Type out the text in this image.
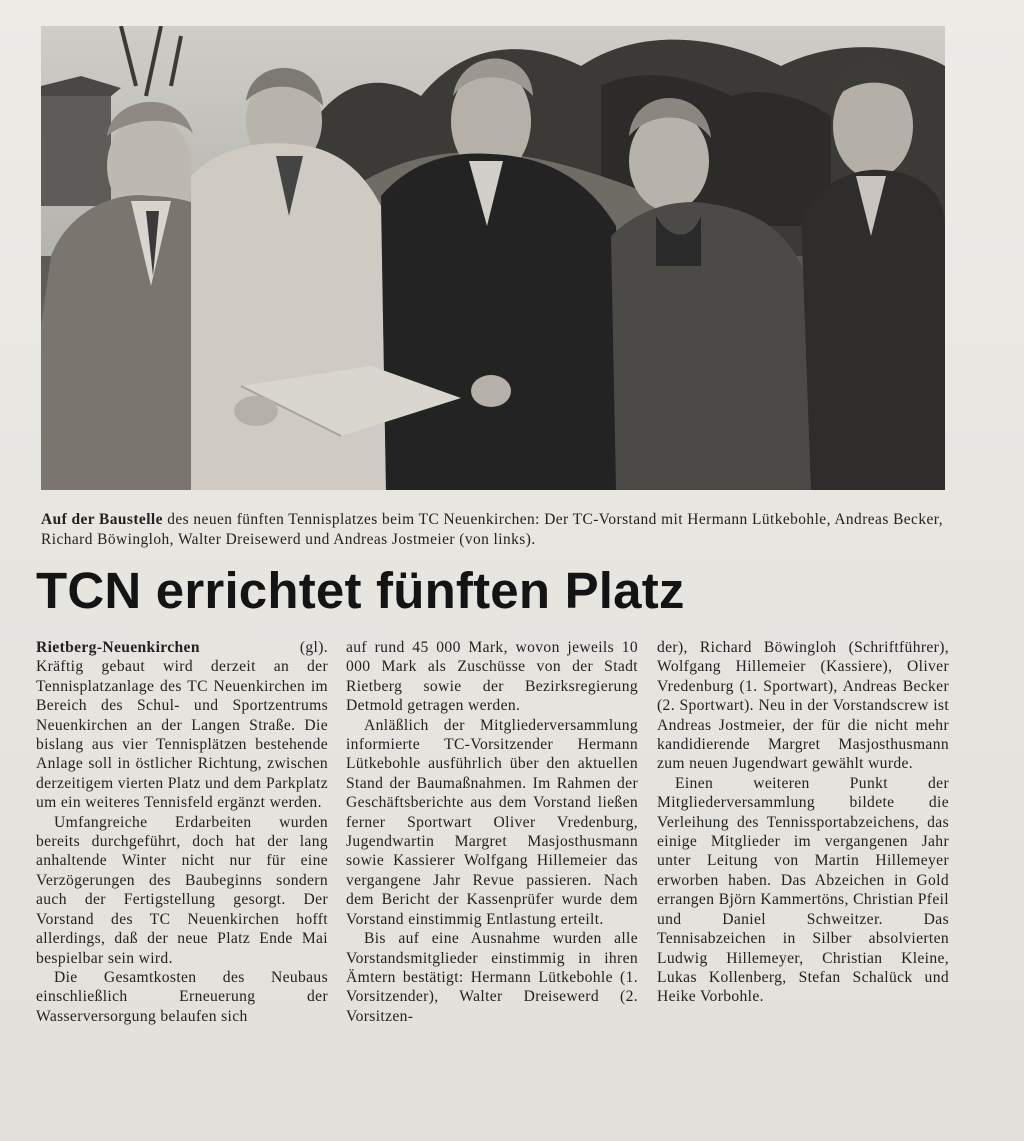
Auf der Baustelle des neuen fünften Tennisplatzes beim TC Neuenkirchen: Der TC-Vorstand mit Hermann Lütkebohle, Andreas Becker, Richard Böwingloh, Walter Dreisewerd und Andreas Jostmeier (von links).
TCN errichtet fünften Platz
Rietberg-Neuenkirchen	(gl).

Kräftig gebaut wird derzeit an der Tennisplatzanlage des TC Neuenkirchen im Bereich des Schul- und Sportzentrums Neuenkirchen an der Langen Straße. Die bislang aus vier Tennisplätzen bestehende Anlage soll in östlicher Richtung, zwischen derzeitigem vierten Platz und dem Parkplatz um ein weiteres Tennisfeld ergänzt werden.

Umfangreiche Erdarbeiten wurden bereits durchgeführt, doch hat der lang anhaltende Winter nicht nur für eine Verzögerungen des Baubeginns sondern auch der Fertigstellung gesorgt. Der Vorstand des TC Neuenkirchen hofft allerdings, daß der neue Platz Ende Mai bespielbar sein wird.

Die Gesamtkosten des Neubaus einschließlich Erneuerung der Wasserversorgung belaufen sich

auf rund 45 000 Mark, wovon jeweils 10 000 Mark als Zuschüsse von der Stadt Rietberg sowie der Bezirksregierung Detmold getragen werden.

Anläßlich der Mitgliederversammlung informierte TC-Vorsitzender Hermann Lütkebohle ausführlich über den aktuellen Stand der Baumaßnahmen. Im Rahmen der Geschäftsberichte aus dem Vorstand ließen ferner Sportwart Oliver Vredenburg, Jugendwartin Margret Masjosthusmann sowie Kassierer Wolfgang Hillemeier das vergangene Jahr Revue passieren. Nach dem Bericht der Kassenprüfer wurde dem Vorstand einstimmig Entlastung erteilt.

Bis auf eine Ausnahme wurden alle Vorstandsmitglieder einstimmig in ihren Ämtern bestätigt: Hermann Lütkebohle (1. Vorsitzender), Walter Dreisewerd (2. Vorsitzen-

der), Richard Böwingloh (Schriftführer), Wolfgang Hillemeier (Kassiere), Oliver Vredenburg (1. Sportwart), Andreas Becker (2. Sportwart). Neu in der Vorstandscrew ist Andreas Jostmeier, der für die nicht mehr kandidierende Margret Masjosthusmann zum neuen Jugendwart gewählt wurde.

Einen weiteren Punkt der Mitgliederversammlung bildete die Verleihung des Tennissportabzeichens, das einige Mitglieder im vergangenen Jahr unter Leitung von Martin Hillemeyer erworben haben. Das Abzeichen in Gold errangen Björn Kammertöns, Christian Pfeil und Daniel Schweitzer. Das Tennisabzeichen in Silber absolvierten Ludwig Hillemeyer, Christian Kleine, Lukas Kollenberg, Stefan Schalück und Heike Vorbohle.
